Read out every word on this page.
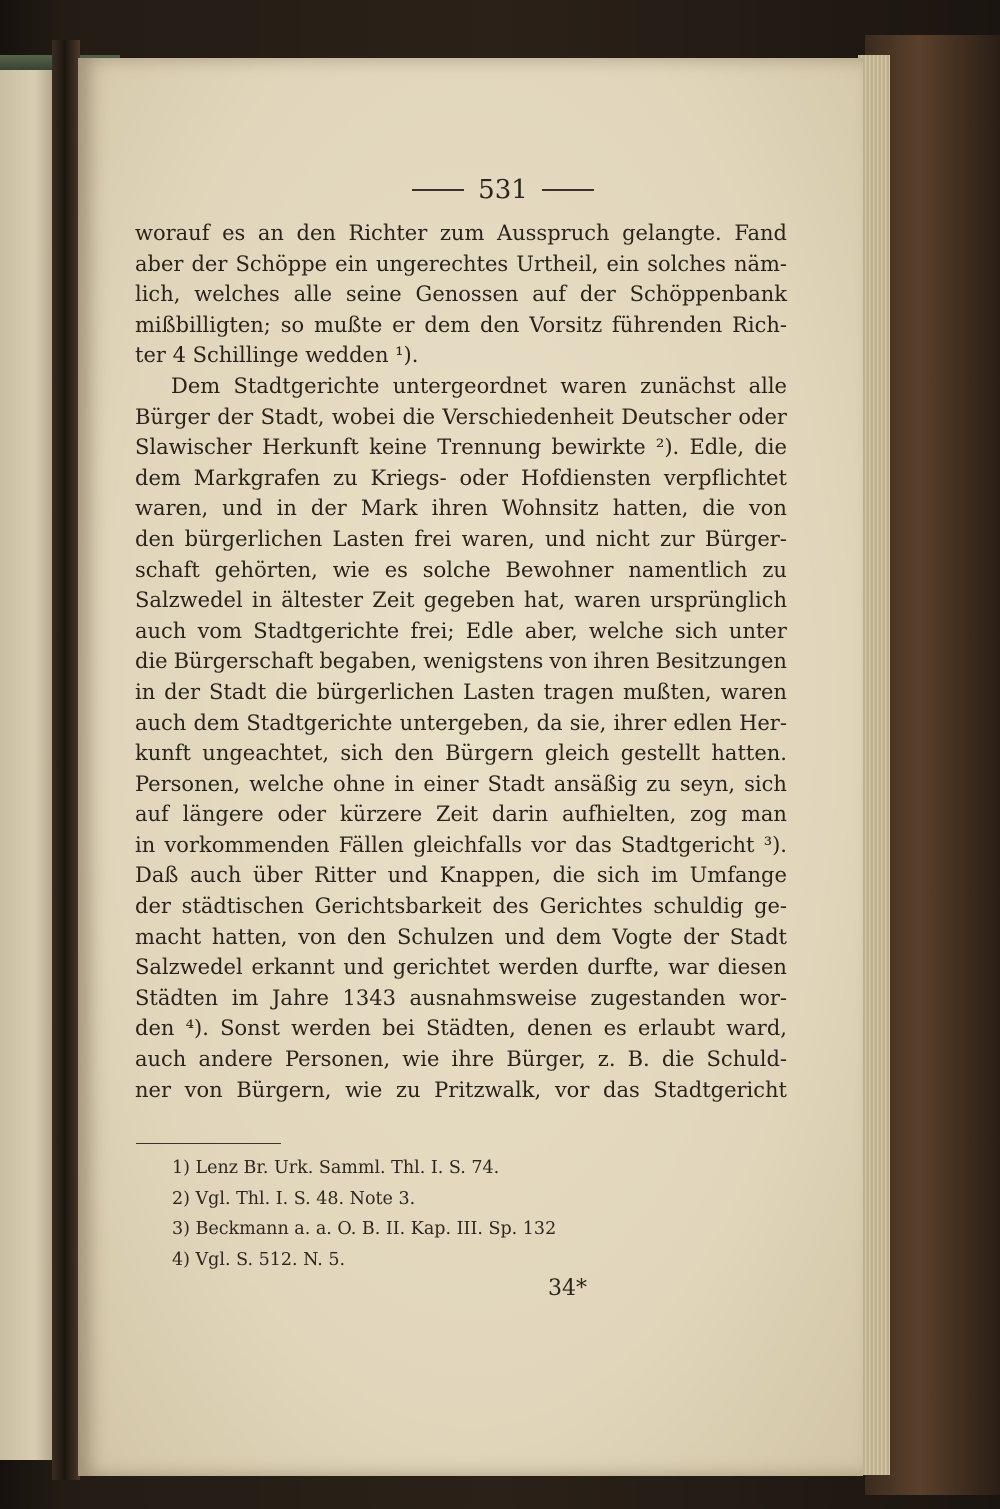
531
worauf es an den Richter zum Ausspruch gelangte. Fand
aber der Schöppe ein ungerechtes Urtheil, ein solches näm-
lich, welches alle seine Genossen auf der Schöppenbank
mißbilligten; so mußte er dem den Vorsitz führenden Rich-
ter 4 Schillinge wedden ¹).
Dem Stadtgerichte untergeordnet waren zunächst alle
Bürger der Stadt, wobei die Verschiedenheit Deutscher oder
Slawischer Herkunft keine Trennung bewirkte ²). Edle, die
dem Markgrafen zu Kriegs- oder Hofdiensten verpflichtet
waren, und in der Mark ihren Wohnsitz hatten, die von
den bürgerlichen Lasten frei waren, und nicht zur Bürger-
schaft gehörten, wie es solche Bewohner namentlich zu
Salzwedel in ältester Zeit gegeben hat, waren ursprünglich
auch vom Stadtgerichte frei; Edle aber, welche sich unter
die Bürgerschaft begaben, wenigstens von ihren Besitzungen
in der Stadt die bürgerlichen Lasten tragen mußten, waren
auch dem Stadtgerichte untergeben, da sie, ihrer edlen Her-
kunft ungeachtet, sich den Bürgern gleich gestellt hatten.
Personen, welche ohne in einer Stadt ansäßig zu seyn, sich
auf längere oder kürzere Zeit darin aufhielten, zog man
in vorkommenden Fällen gleichfalls vor das Stadtgericht ³).
Daß auch über Ritter und Knappen, die sich im Umfange
der städtischen Gerichtsbarkeit des Gerichtes schuldig ge-
macht hatten, von den Schulzen und dem Vogte der Stadt
Salzwedel erkannt und gerichtet werden durfte, war diesen
Städten im Jahre 1343 ausnahmsweise zugestanden wor-
den ⁴). Sonst werden bei Städten, denen es erlaubt ward,
auch andere Personen, wie ihre Bürger, z. B. die Schuld-
ner von Bürgern, wie zu Pritzwalk, vor das Stadtgericht
1) Lenz Br. Urk. Samml. Thl. I. S. 74.
2) Vgl. Thl. I. S. 48. Note 3.
3) Beckmann a. a. O. B. II. Kap. III. Sp. 132
4) Vgl. S. 512. N. 5.
34*
